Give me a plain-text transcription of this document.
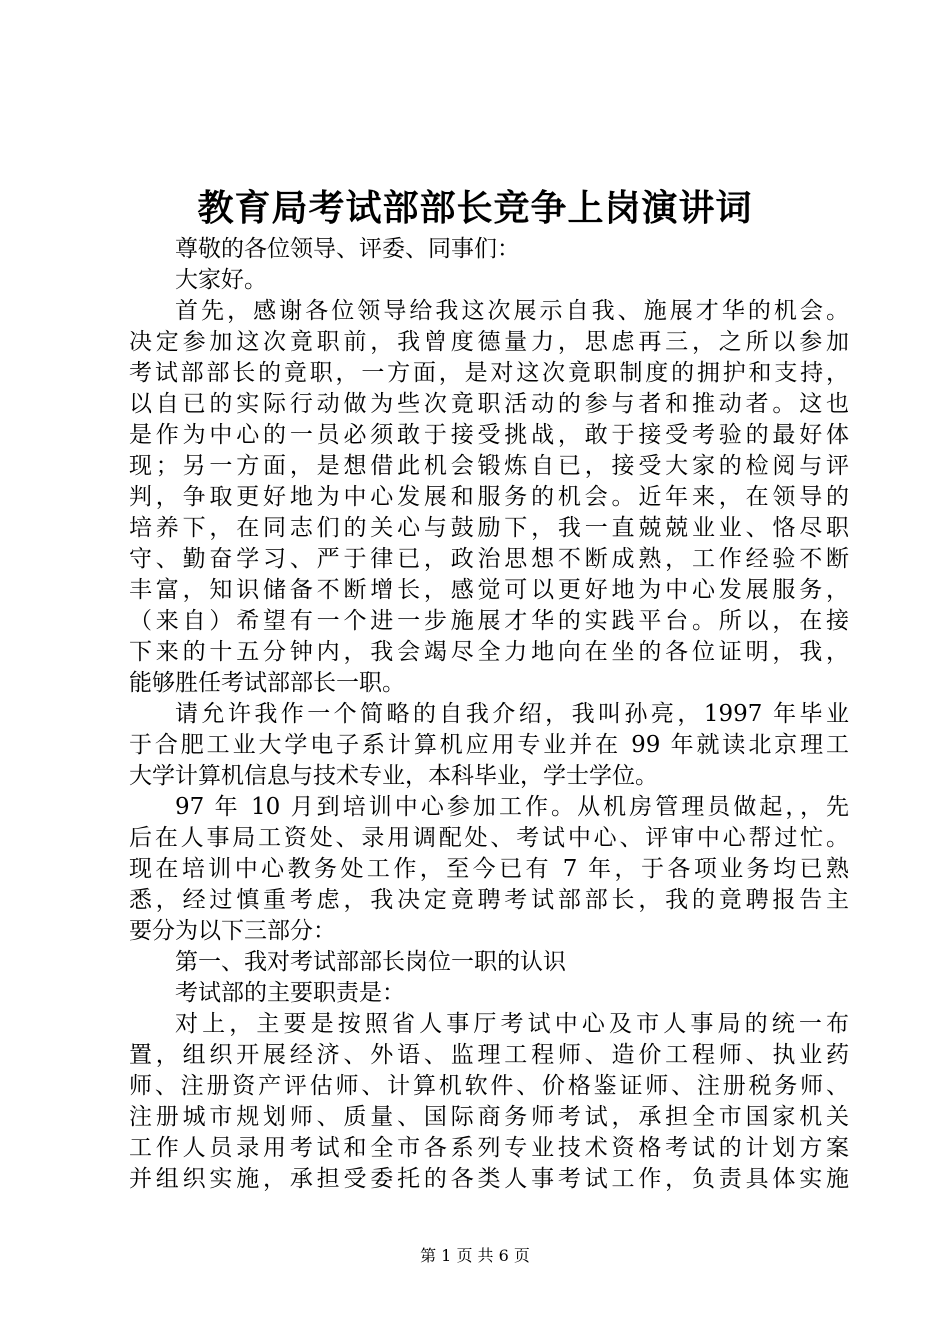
教育局考试部部长竞争上岗演讲词
尊敬的各位领导、评委、同事们：
大家好。
首先，感谢各位领导给我这次展示自我、施展才华的机会。
决定参加这次竟职前，我曾度德量力，思虑再三，之所以参加
考试部部长的竟职，一方面，是对这次竟职制度的拥护和支持，
以自已的实际行动做为些次竟职活动的参与者和推动者。这也
是作为中心的一员必须敢于接受挑战，敢于接受考验的最好体
现；另一方面，是想借此机会锻炼自已，接受大家的检阅与评
判，争取更好地为中心发展和服务的机会。近年来，在领导的
培养下，在同志们的关心与鼓励下，我一直兢兢业业、恪尽职
守、勤奋学习、严于律已，政治思想不断成熟，工作经验不断
丰富，知识储备不断增长，感觉可以更好地为中心发展服务，
（来自）希望有一个进一步施展才华的实践平台。所以，在接
下来的十五分钟内，我会竭尽全力地向在坐的各位证明，我，
能够胜任考试部部长一职。
请允许我作一个简略的自我介绍，我叫孙亮，1997 年毕业
于合肥工业大学电子系计算机应用专业并在 99 年就读北京理工
大学计算机信息与技术专业，本科毕业，学士学位。
97 年 10 月到培训中心参加工作。从机房管理员做起，，先
后在人事局工资处、录用调配处、考试中心、评审中心帮过忙。
现在培训中心教务处工作，至今已有 7 年，于各项业务均已熟
悉，经过慎重考虑，我决定竟聘考试部部长，我的竟聘报告主
要分为以下三部分：
第一、我对考试部部长岗位一职的认识
考试部的主要职责是：
对上，主要是按照省人事厅考试中心及市人事局的统一布
置，组织开展经济、外语、监理工程师、造价工程师、执业药
师、注册资产评估师、计算机软件、价格鉴证师、注册税务师、
注册城市规划师、质量、国际商务师考试，承担全市国家机关
工作人员录用考试和全市各系列专业技术资格考试的计划方案
并组织实施，承担受委托的各类人事考试工作，负责具体实施
第 1 页 共 6 页
